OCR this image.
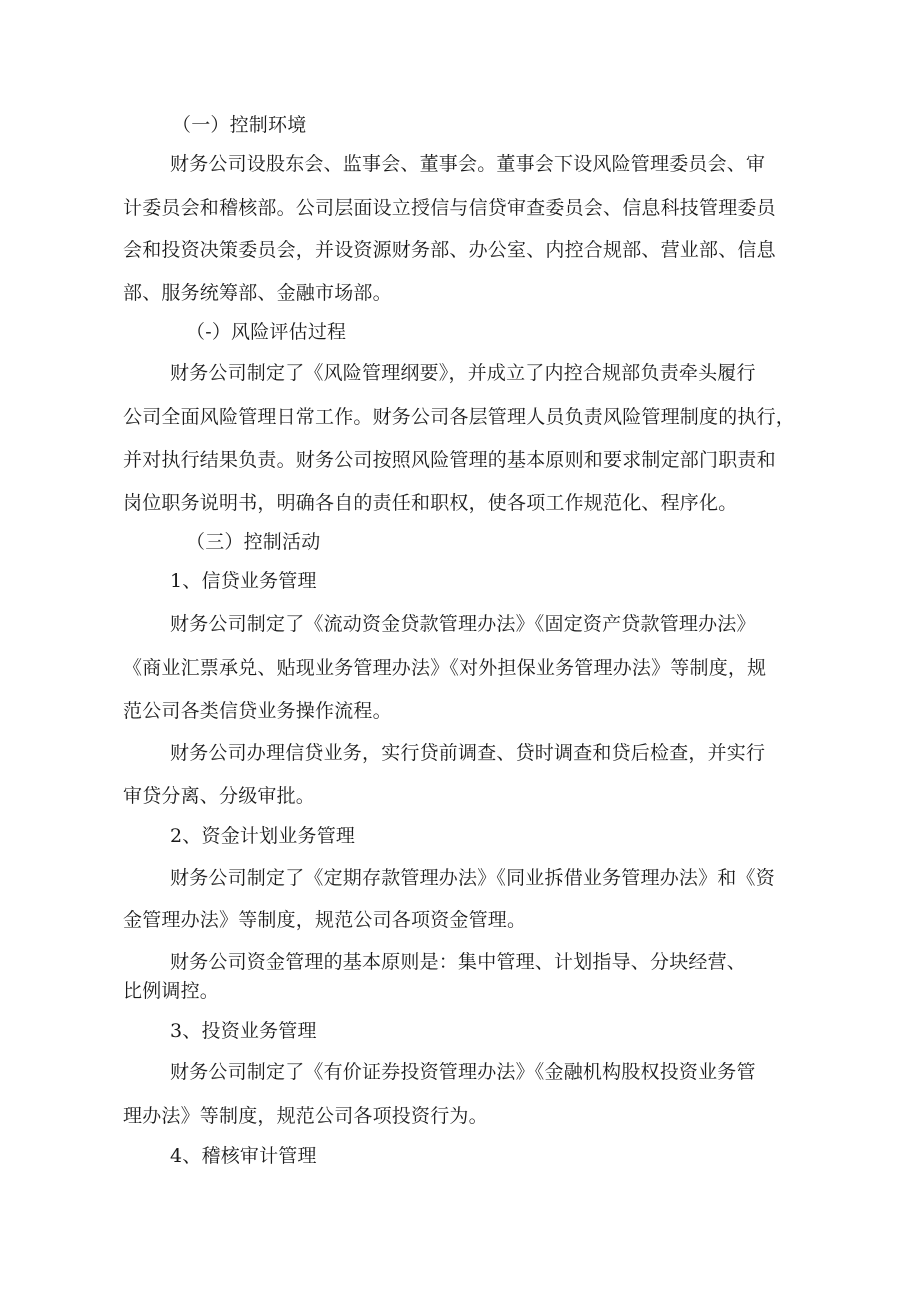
（一）控制环境
财务公司设股东会、监事会、董事会。董事会下设风险管理委员会、审
计委员会和稽核部。公司层面设立授信与信贷审查委员会、信息科技管理委员
会和投资决策委员会，并设资源财务部、办公室、内控合规部、营业部、信息
部、服务统筹部、金融市场部。
（-）风险评估过程
财务公司制定了《风险管理纲要》，并成立了内控合规部负责牵头履行
公司全面风险管理日常工作。财务公司各层管理人员负责风险管理制度的执行，
并对执行结果负责。财务公司按照风险管理的基本原则和要求制定部门职责和
岗位职务说明书，明确各自的责任和职权，使各项工作规范化、程序化。
（三）控制活动
1、信贷业务管理
财务公司制定了《流动资金贷款管理办法》《固定资产贷款管理办法》
《商业汇票承兑、贴现业务管理办法》《对外担保业务管理办法》等制度，规
范公司各类信贷业务操作流程。
财务公司办理信贷业务，实行贷前调查、贷时调查和贷后检查，并实行
审贷分离、分级审批。
2、资金计划业务管理
财务公司制定了《定期存款管理办法》《同业拆借业务管理办法》和《资
金管理办法》等制度，规范公司各项资金管理。
财务公司资金管理的基本原则是：集中管理、计划指导、分块经营、
比例调控。
3、投资业务管理
财务公司制定了《有价证券投资管理办法》《金融机构股权投资业务管
理办法》等制度，规范公司各项投资行为。
4、稽核审计管理
